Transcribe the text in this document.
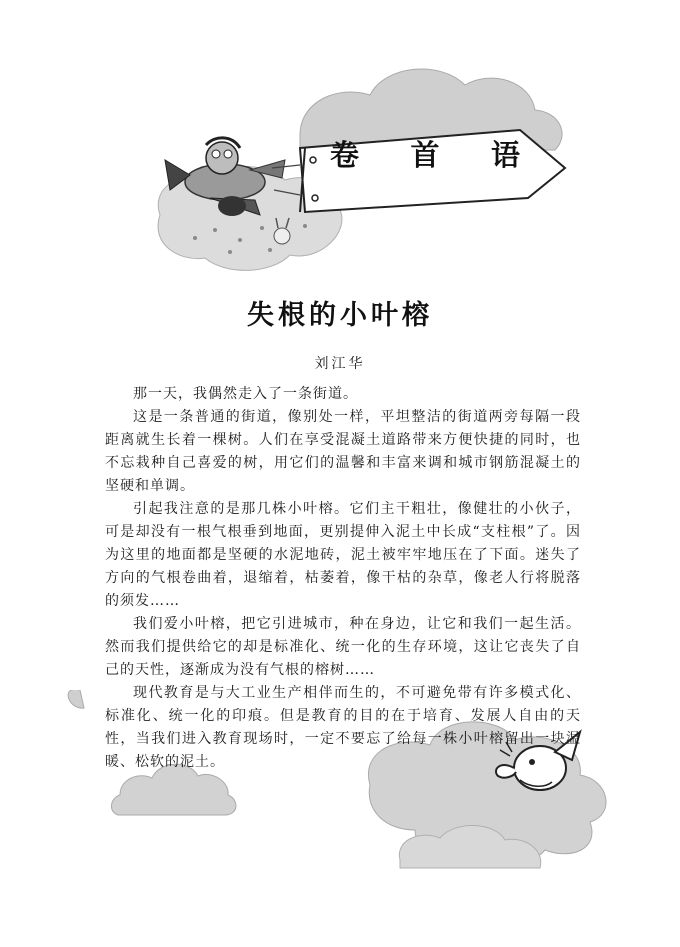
卷 首 语
失根的小叶榕
刘江华

那一天，我偶然走入了一条街道。

这是一条普通的街道，像别处一样，平坦整洁的街道两旁每隔一段距离就生长着一棵树。人们在享受混凝土道路带来方便快捷的同时，也不忘栽种自己喜爱的树，用它们的温馨和丰富来调和城市钢筋混凝土的坚硬和单调。

引起我注意的是那几株小叶榕。它们主干粗壮，像健壮的小伙子，可是却没有一根气根垂到地面，更别提伸入泥土中长成“支柱根”了。因为这里的地面都是坚硬的水泥地砖，泥土被牢牢地压在了下面。迷失了方向的气根卷曲着，退缩着，枯萎着，像干枯的杂草，像老人行将脱落的须发……

我们爱小叶榕，把它引进城市，种在身边，让它和我们一起生活。然而我们提供给它的却是标准化、统一化的生存环境，这让它丧失了自己的天性，逐渐成为没有气根的榕树……

现代教育是与大工业生产相伴而生的，不可避免带有许多模式化、标准化、统一化的印痕。但是教育的目的在于培育、发展人自由的天性，当我们进入教育现场时，一定不要忘了给每一株小叶榕留出一块温暖、松软的泥土。
